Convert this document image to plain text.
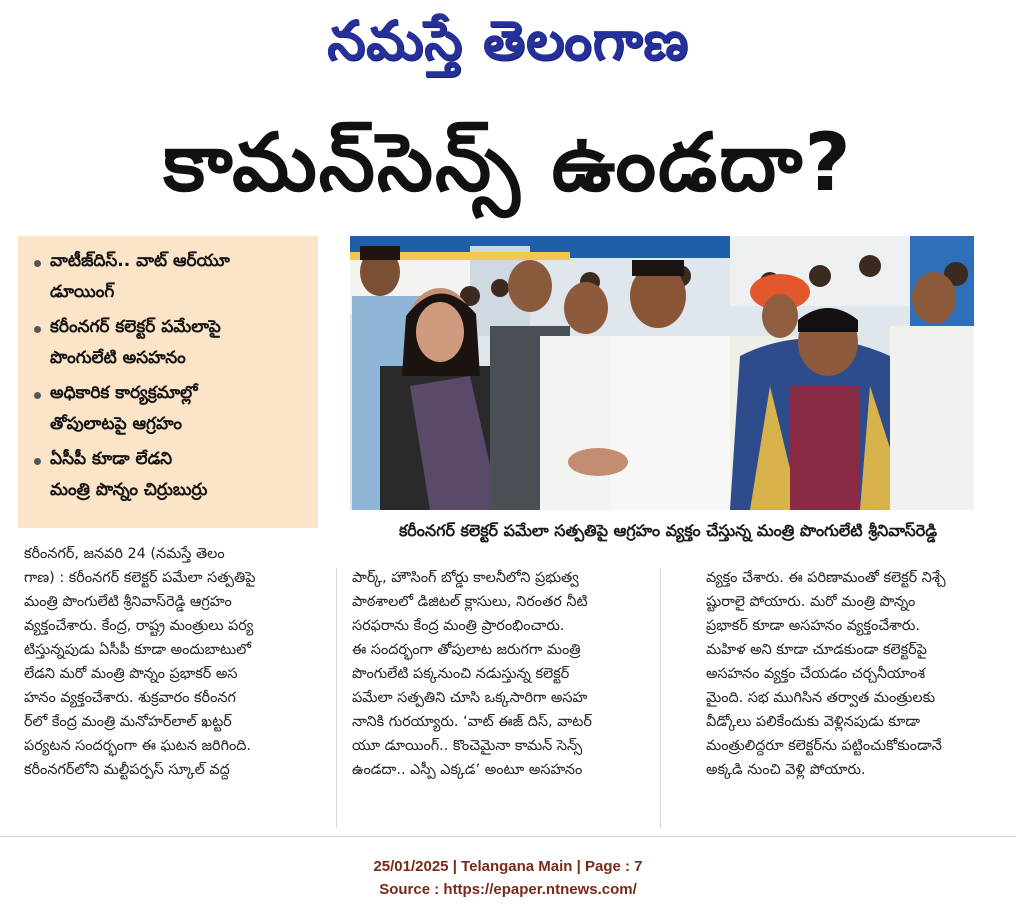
నమస్తే తెలంగాణ
కామన్‌సెన్స్ ఉండదా?
వాటీజ్‌దిస్.. వాట్ ఆర్‌యూ
డూయింగ్
కరీంనగర్ కలెక్టర్ పమేలాపై
పొంగులేటి అసహనం
అధికారిక కార్యక్రమాల్లో
తోపులాటపై ఆగ్రహం
ఏసీపీ కూడా లేడని
మంత్రి పొన్నం చిర్రుబుర్రు
కరీంనగర్ కలెక్టర్ పమేలా సత్పతిపై ఆగ్రహం వ్యక్తం చేస్తున్న మంత్రి పొంగులేటి శ్రీనివాస్‌రెడ్డి
కరీంనగర్, జనవరి 24 (నమస్తే తెలం
గాణ) : కరీంనగర్ కలెక్టర్ పమేలా సత్పతిపై
మంత్రి పొంగులేటి శ్రీనివాస్‌రెడ్డి ఆగ్రహం
వ్యక్తంచేశారు. కేంద్ర, రాష్ట్ర మంత్రులు పర్య
టిస్తున్నపుడు ఏసీపీ కూడా అందుబాటులో
లేడని మరో మంత్రి పొన్నం ప్రభాకర్ అస
హనం వ్యక్తంచేశారు. శుక్రవారం కరీంనగ
ర్‌లో కేంద్ర మంత్రి మనోహర్‌లాల్ ఖట్టర్
పర్యటన సందర్భంగా ఈ ఘటన జరిగింది.
కరీంనగర్‌లోని మల్టీపర్పస్ స్కూల్ వద్ద
పార్క్, హౌసింగ్ బోర్డు కాలనీలోని ప్రభుత్వ
పాఠశాలలో డిజిటల్ క్లాసులు, నిరంతర నీటి
సరఫరాను కేంద్ర మంత్రి ప్రారంభించారు.
ఈ సందర్భంగా తోపులాట జరుగగా మంత్రి
పొంగులేటి పక్కనుంచి నడుస్తున్న కలెక్టర్
పమేలా సత్పతిని చూసి ఒక్కసారిగా అసహ
నానికి గురయ్యారు. ‘వాట్ ఈజ్ దిస్, వాటర్
యూ డూయింగ్.. కొంచెమైనా కామన్ సెన్స్
ఉండదా.. ఎస్పీ ఎక్కడ’ అంటూ అసహనం
వ్యక్తం చేశారు. ఈ పరిణామంతో కలెక్టర్ నిశ్చే
ష్టురాలై పోయారు. మరో మంత్రి పొన్నం
ప్రభాకర్ కూడా అసహనం వ్యక్తంచేశారు.
మహిళ అని కూడా చూడకుండా కలెక్టర్‌పై
అసహనం వ్యక్తం చేయడం చర్చనీయాంశ
మైంది. సభ ముగిసిన తర్వాత మంత్రులకు
వీడ్కోలు పలికేందుకు వెళ్లినపుడు కూడా
మంత్రులిద్దరూ కలెక్టర్‌ను పట్టించుకోకుండానే
అక్కడి నుంచి వెళ్లి పోయారు.
25/01/2025 | Telangana Main | Page : 7
Source : https://epaper.ntnews.com/
